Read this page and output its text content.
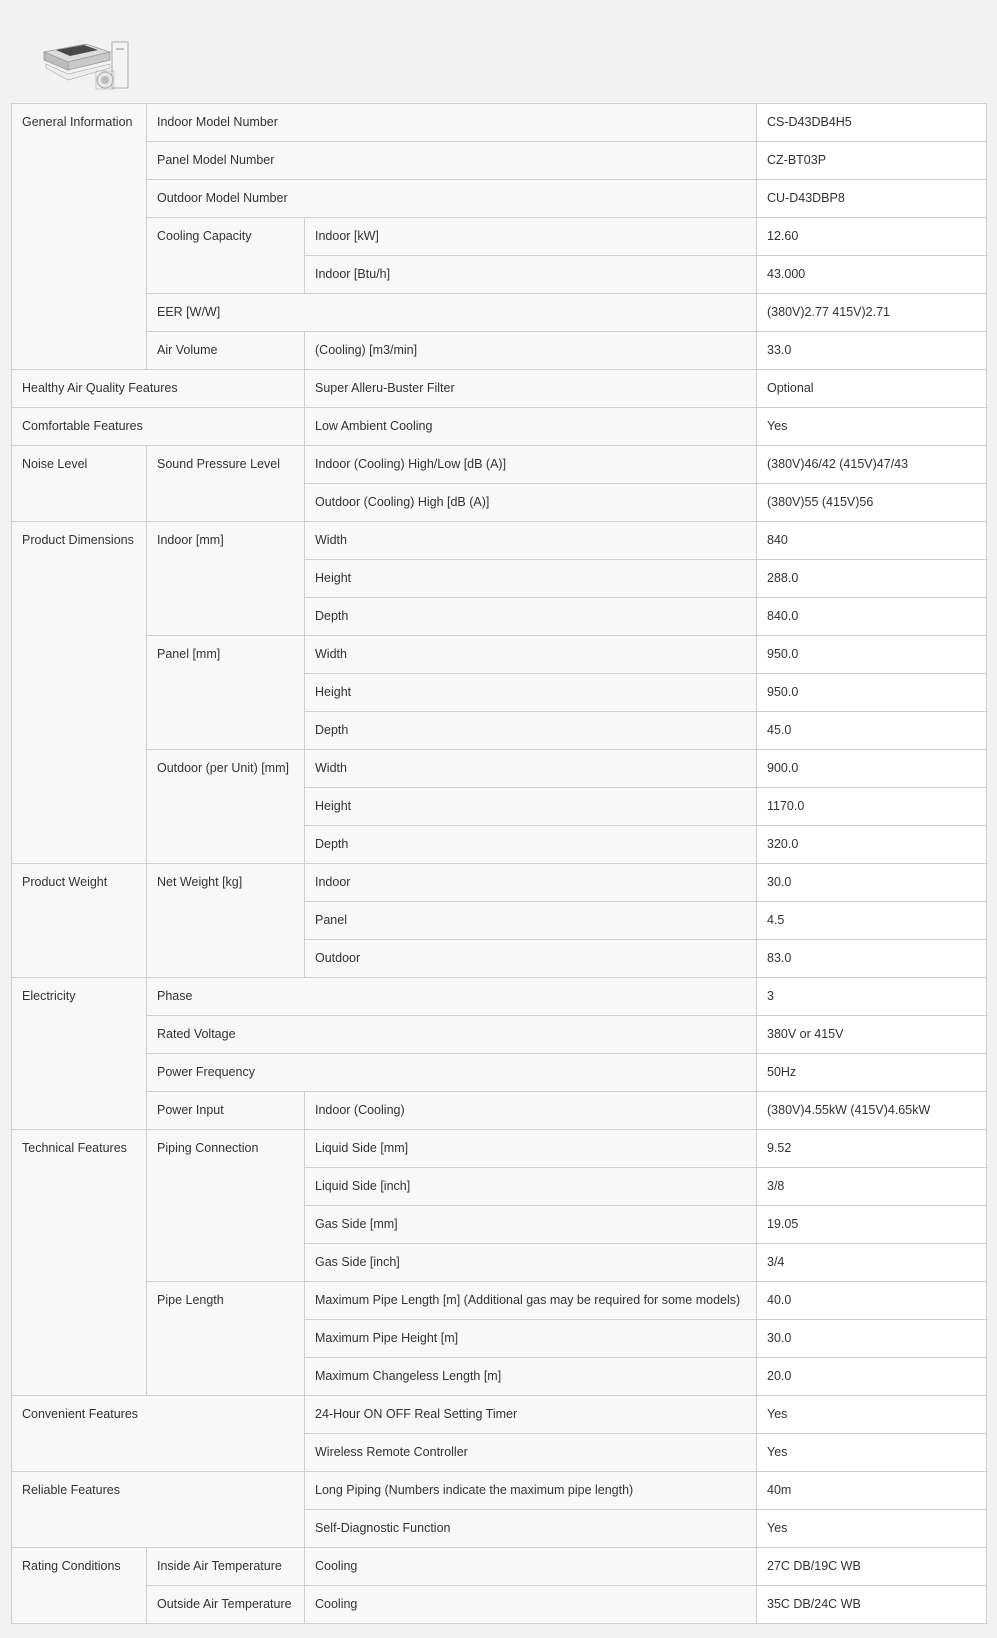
General Information	Indoor Model Number		CS-D43DB4H5
	Panel Model Number		CZ-BT03P
	Outdoor Model Number		CU-D43DBP8
	Cooling Capacity	Indoor [kW]	12.60
		Indoor [Btu/h]	43.000
	EER [W/W]		(380V)2.77 415V)2.71
	Air Volume	(Cooling) [m3/min]	33.0
Healthy Air Quality Features		Super Alleru-Buster Filter	Optional
Comfortable Features		Low Ambient Cooling	Yes
Noise Level	Sound Pressure Level	Indoor (Cooling) High/Low [dB (A)]	(380V)46/42 (415V)47/43
		Outdoor (Cooling) High [dB (A)]	(380V)55 (415V)56
Product Dimensions	Indoor [mm]	Width	840
		Height	288.0
		Depth	840.0
	Panel [mm]	Width	950.0
		Height	950.0
		Depth	45.0
	Outdoor (per Unit) [mm]	Width	900.0
		Height	1170.0
		Depth	320.0
Product Weight	Net Weight [kg]	Indoor	30.0
		Panel	4.5
		Outdoor	83.0
Electricity	Phase		3
	Rated Voltage		380V or 415V
	Power Frequency		50Hz
	Power Input	Indoor (Cooling)	(380V)4.55kW (415V)4.65kW
Technical Features	Piping Connection	Liquid Side [mm]	9.52
		Liquid Side [inch]	3/8
		Gas Side [mm]	19.05
		Gas Side [inch]	3/4
	Pipe Length	Maximum Pipe Length [m] (Additional gas may be required for some models)	40.0
		Maximum Pipe Height [m]	30.0
		Maximum Changeless Length [m]	20.0
Convenient Features		24-Hour ON OFF Real Setting Timer	Yes
		Wireless Remote Controller	Yes
Reliable Features		Long Piping (Numbers indicate the maximum pipe length)	40m
		Self-Diagnostic Function	Yes
Rating Conditions	Inside Air Temperature	Cooling	27C DB/19C WB
	Outside Air Temperature	Cooling	35C DB/24C WB
